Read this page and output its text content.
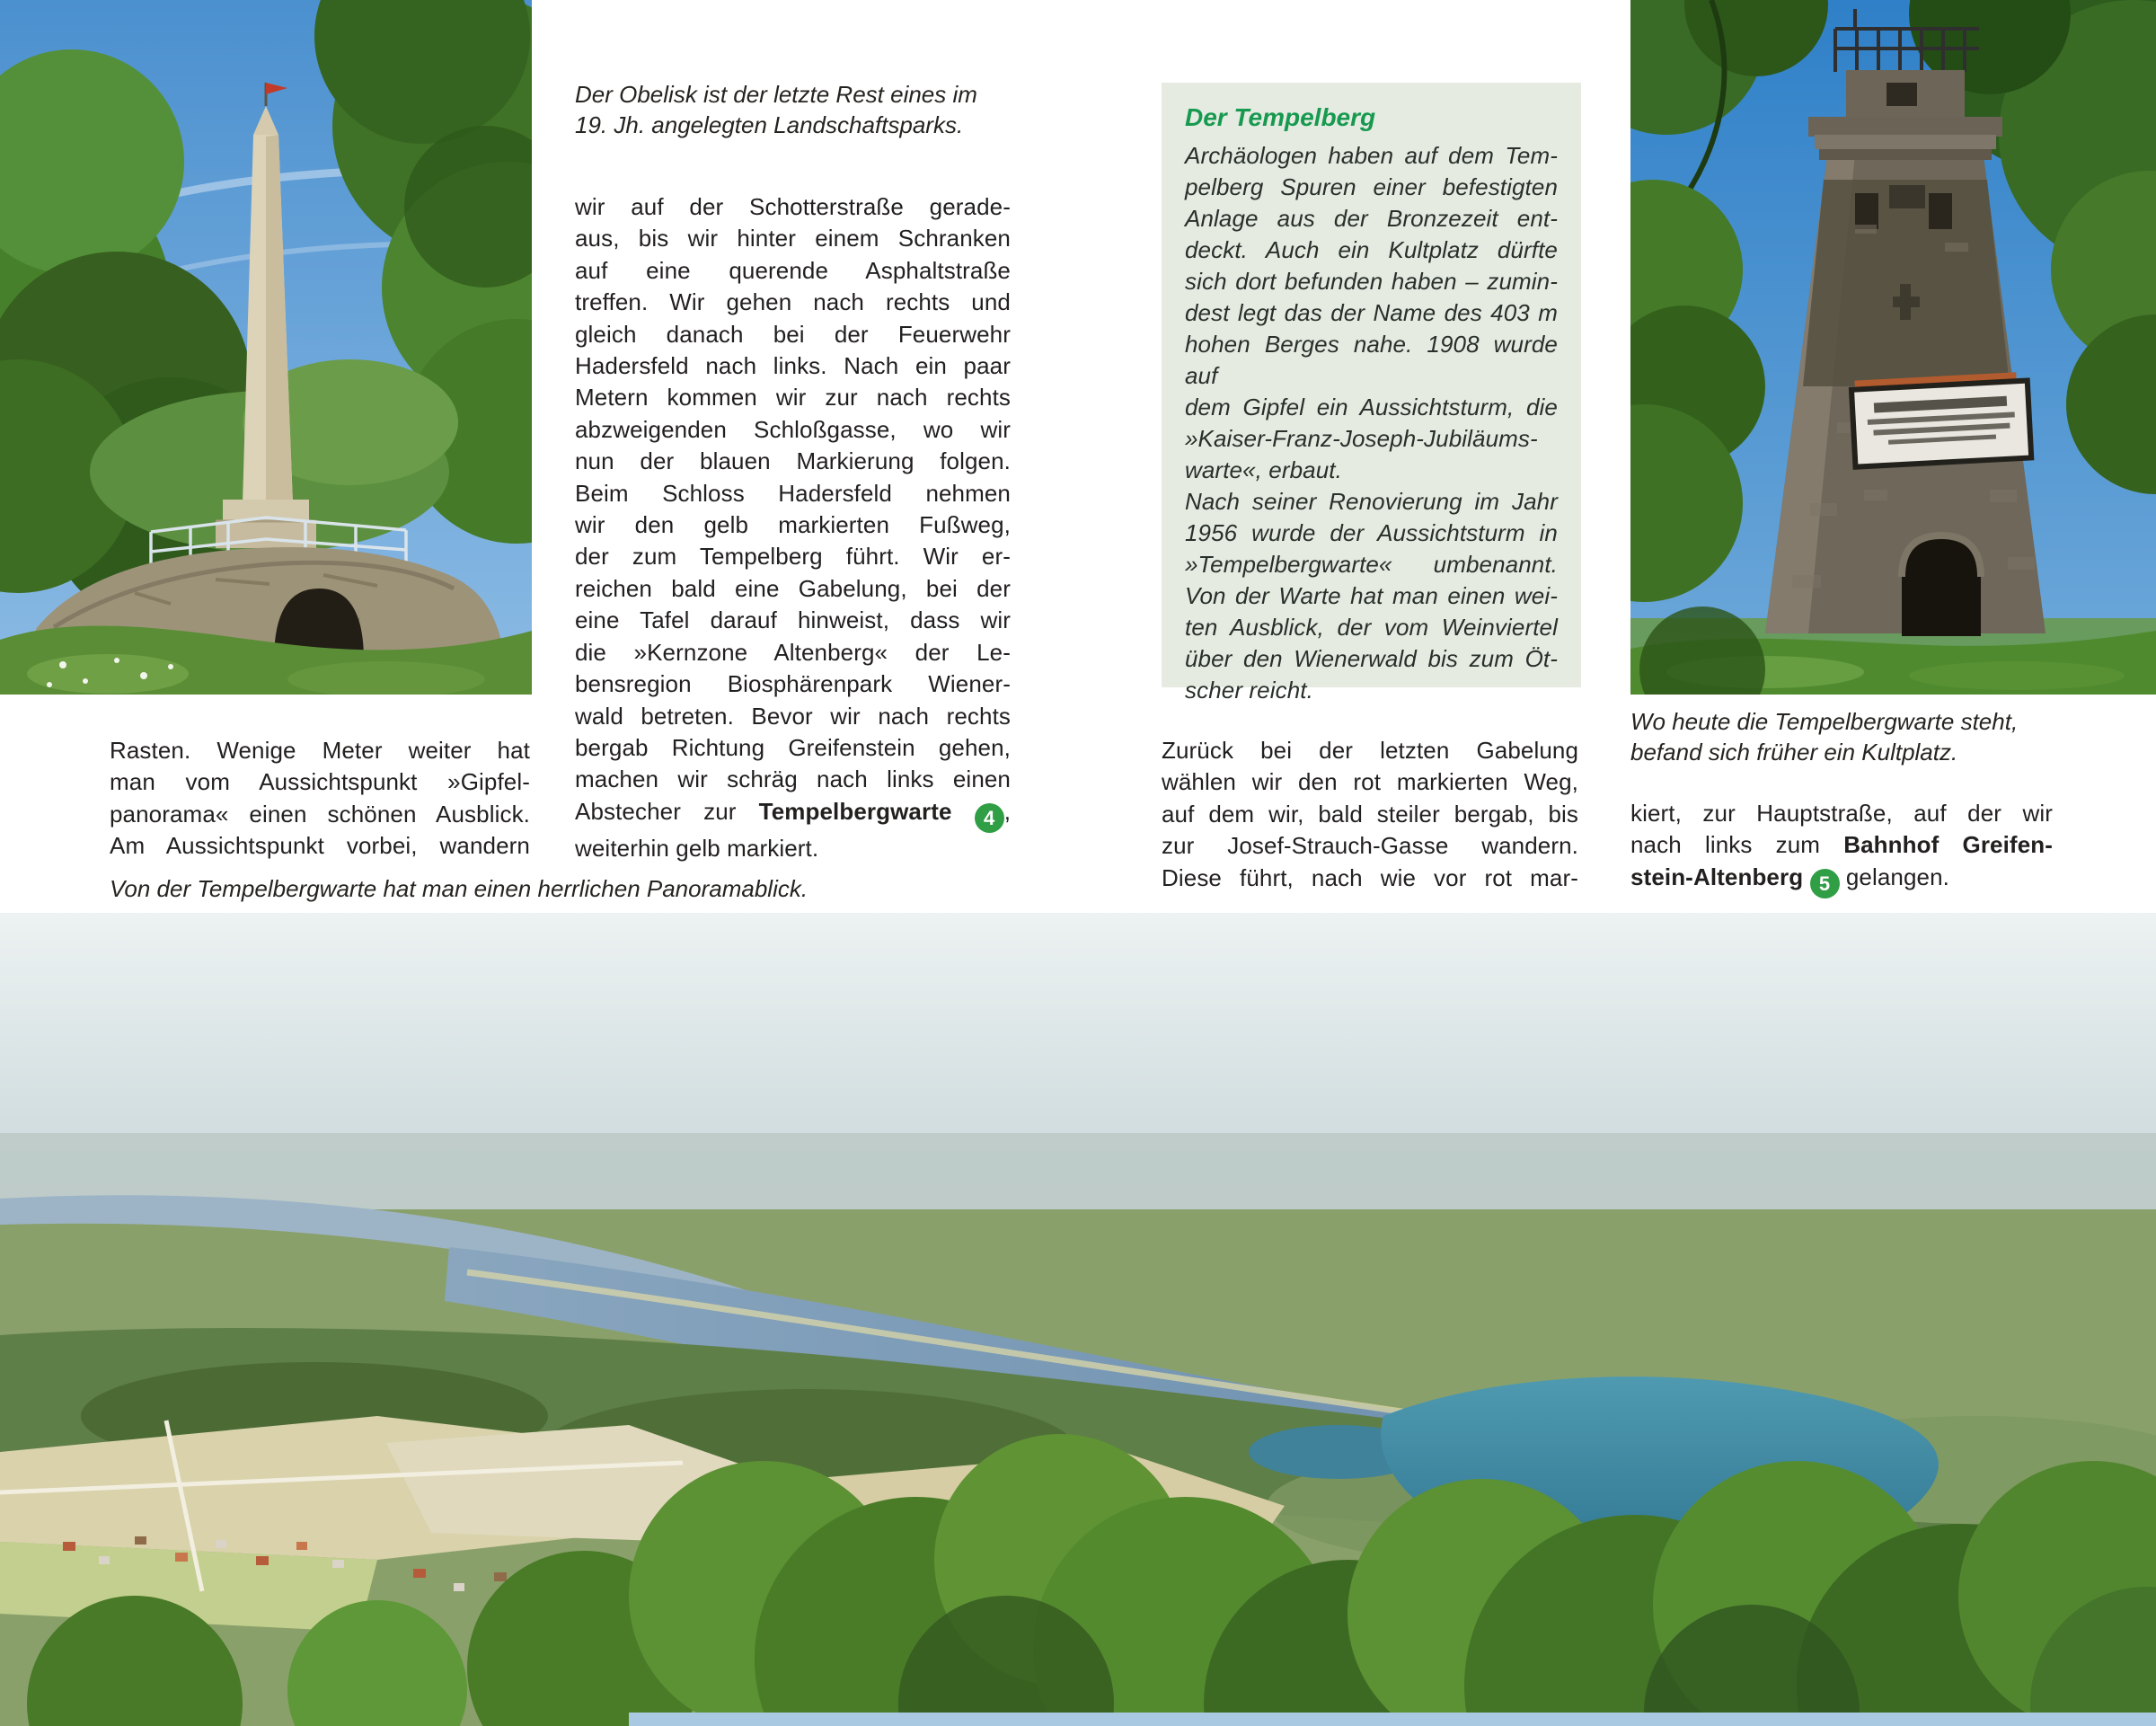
Der Obelisk ist der letzte Rest eines im
19. Jh. angelegten Landschaftsparks.
wir auf der Schotterstraße gerade-
aus, bis wir hinter einem Schranken
auf eine querende Asphaltstraße
treffen. Wir gehen nach rechts und
gleich danach bei der Feuerwehr
Hadersfeld nach links. Nach ein paar
Metern kommen wir zur nach rechts
abzweigenden Schloßgasse, wo wir
nun der blauen Markierung folgen.
Beim Schloss Hadersfeld nehmen
wir den gelb markierten Fußweg,
der zum Tempelberg führt. Wir er-
reichen bald eine Gabelung, bei der
eine Tafel darauf hinweist, dass wir
die »Kernzone Altenberg« der Le-
bensregion Biosphärenpark Wiener-
wald betreten. Bevor wir nach rechts
bergab Richtung Greifenstein gehen,
machen wir schräg nach links einen
Abstecher zur Tempelbergwarte 4 ,
weiterhin gelb markiert.
Der Tempelberg
Archäologen haben auf dem Tem-
pelberg Spuren einer befestigten
Anlage aus der Bronzezeit ent-
deckt. Auch ein Kultplatz dürfte
sich dort befunden haben – zumin-
dest legt das der Name des 403 m
hohen Berges nahe. 1908 wurde auf
dem Gipfel ein Aussichtsturm, die
»Kaiser-Franz-Joseph-Jubiläums-
warte«, erbaut.
Nach seiner Renovierung im Jahr
1956 wurde der Aussichtsturm in
»Tempelbergwarte« umbenannt.
Von der Warte hat man einen wei-
ten Ausblick, der vom Weinviertel
über den Wienerwald bis zum Öt-
scher reicht.
Rasten. Wenige Meter weiter hat
man vom Aussichtspunkt »Gipfel-
panorama« einen schönen Ausblick.
Am Aussichtspunkt vorbei, wandern
Zurück bei der letzten Gabelung
wählen wir den rot markierten Weg,
auf dem wir, bald steiler bergab, bis
zur Josef-Strauch-Gasse wandern.
Diese führt, nach wie vor rot mar-
Wo heute die Tempelbergwarte steht,
befand sich früher ein Kultplatz.
kiert, zur Hauptstraße, auf der wir
nach links zum Bahnhof Greifen-
stein-Altenberg 5 gelangen.
Von der Tempelbergwarte hat man einen herrlichen Panoramablick.
